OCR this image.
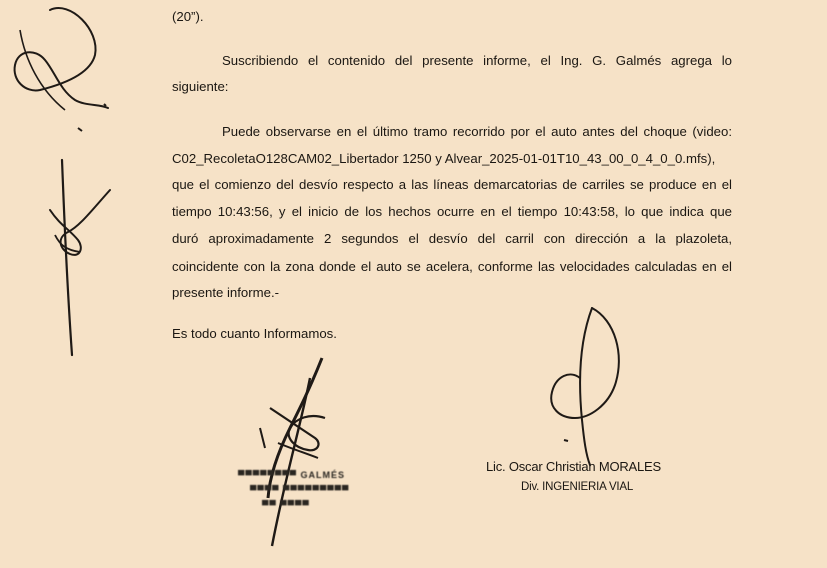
(20”).
Suscribiendo el contenido del presente informe, el Ing. G. Galmés agrega lo
siguiente:
Puede observarse en el último tramo recorrido por el auto antes del choque (video:
C02_RecoletaO128CAM02_Libertador 1250 y Alvear_2025-01-01T10_43_00_0_4_0_0.mfs),
que el comienzo del desvío respecto a las líneas demarcatorias de carriles se produce en el
tiempo 10:43:56, y el inicio de los hechos ocurre en el tiempo 10:43:58, lo que indica que
duró aproximadamente 2 segundos el desvío del carril con dirección a la plazoleta,
coincidente con la zona donde el auto se acelera, conforme las velocidades calculadas en el
presente informe.-
Es todo cuanto Informamos.
▀▀▀▀▀▀▀▀ GALMÉS
▀▀▀▀ ▀▀▀▀▀▀▀▀▀
▀▀ ▀▀▀▀
Lic. Oscar Christian MORALES
Div. INGENIERIA VIAL
